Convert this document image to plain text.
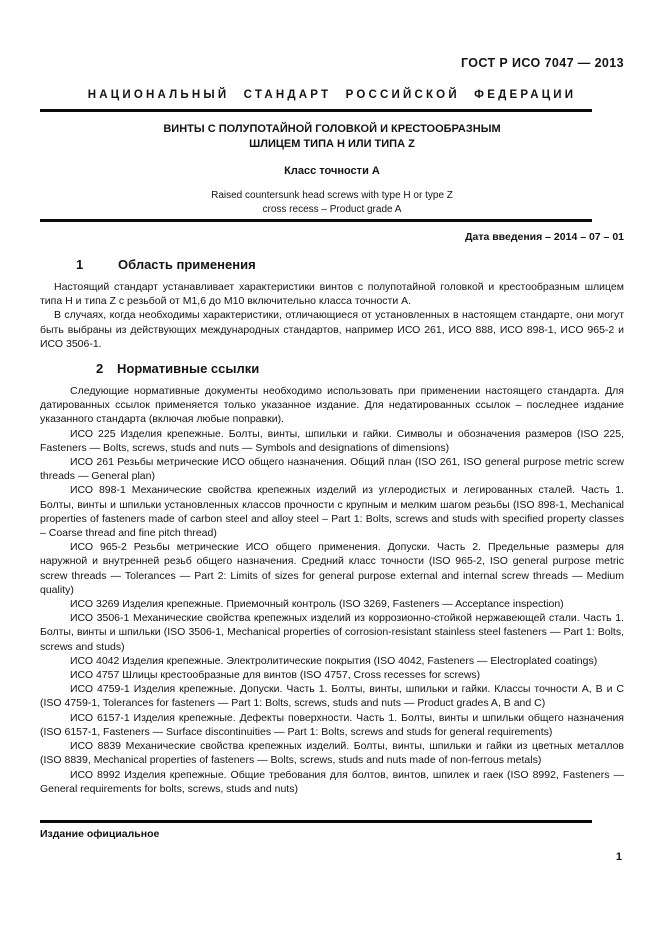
ГОСТ Р ИСО 7047 — 2013
НАЦИОНАЛЬНЫЙ СТАНДАРТ РОССИЙСКОЙ ФЕДЕРАЦИИ
ВИНТЫ С ПОЛУПОТАЙНОЙ ГОЛОВКОЙ И КРЕСТООБРАЗНЫМ
ШЛИЦЕМ ТИПА Н ИЛИ ТИПА Z
Класс точности А
Raised countersunk head screws with type H or type Z
cross recess – Product grade A
Дата введения – 2014 – 07 – 01
1	Область применения

Настоящий стандарт устанавливает характеристики винтов с полупотайной головкой и крестообразным шлицем типа Н и типа Z с резьбой от М1,6 до М10 включительно класса точности А.

В случаях, когда необходимы характеристики, отличающиеся от установленных в настоящем стандарте, они могут быть выбраны из действующих международных стандартов, например ИСО 261, ИСО 888, ИСО 898-1, ИСО 965-2 и ИСО 3506-1.

2 Нормативные ссылки

Следующие нормативные документы необходимо использовать при применении настоящего стандарта. Для датированных ссылок применяется только указанное издание. Для недатированных ссылок – последнее издание указанного стандарта (включая любые поправки).

ИСО 225 Изделия крепежные. Болты, винты, шпильки и гайки. Символы и обозначения размеров (ISO 225, Fasteners — Bolts, screws, studs and nuts — Symbols and designations of dimensions)

ИСО 261 Резьбы метрические ИСО общего назначения. Общий план (ISO 261, ISO general purpose metric screw threads — General plan)

ИСО 898-1 Механические свойства крепежных изделий из углеродистых и легированных сталей. Часть 1. Болты, винты и шпильки установленных классов прочности с крупным и мелким шагом резьбы (ISO 898-1, Mechanical properties of fasteners made of carbon steel and alloy steel – Part 1: Bolts, screws and studs with specified property classes – Coarse thread and fine pitch thread)

ИСО 965-2 Резьбы метрические ИСО общего применения. Допуски. Часть 2. Предельные размеры для наружной и внутренней резьб общего назначения. Средний класс точности (ISO 965-2, ISO general purpose metric screw threads — Tolerances — Part 2: Limits of sizes for general purpose external and internal screw threads — Medium quality)

ИСО 3269 Изделия крепежные. Приемочный контроль (ISO 3269, Fasteners — Acceptance inspection)

ИСО 3506-1 Механические свойства крепежных изделий из коррозионно-стойкой нержавеющей стали. Часть 1. Болты, винты и шпильки (ISO 3506-1, Mechanical properties of corrosion-resistant stainless steel fasteners — Part 1: Bolts, screws and studs)

ИСО 4042 Изделия крепежные. Электролитические покрытия (ISO 4042, Fasteners — Electroplated coatings)

ИСО 4757 Шлицы крестообразные для винтов (ISO 4757, Cross recesses for screws)

ИСО 4759-1 Изделия крепежные. Допуски. Часть 1. Болты, винты, шпильки и гайки. Классы точности А, В и С (ISO 4759-1, Tolerances for fasteners — Part 1: Bolts, screws, studs and nuts — Product grades A, B and C)

ИСО 6157-1 Изделия крепежные. Дефекты поверхности. Часть 1. Болты, винты и шпильки общего назначения (ISO 6157-1, Fasteners — Surface discontinuities — Part 1: Bolts, screws and studs for general requirements)

ИСО 8839 Механические свойства крепежных изделий. Болты, винты, шпильки и гайки из цветных металлов (ISO 8839, Mechanical properties of fasteners — Bolts, screws, studs and nuts made of non-ferrous metals)

ИСО 8992 Изделия крепежные. Общие требования для болтов, винтов, шпилек и гаек (ISO 8992, Fasteners — General requirements for bolts, screws, studs and nuts)

Издание официальное
1
